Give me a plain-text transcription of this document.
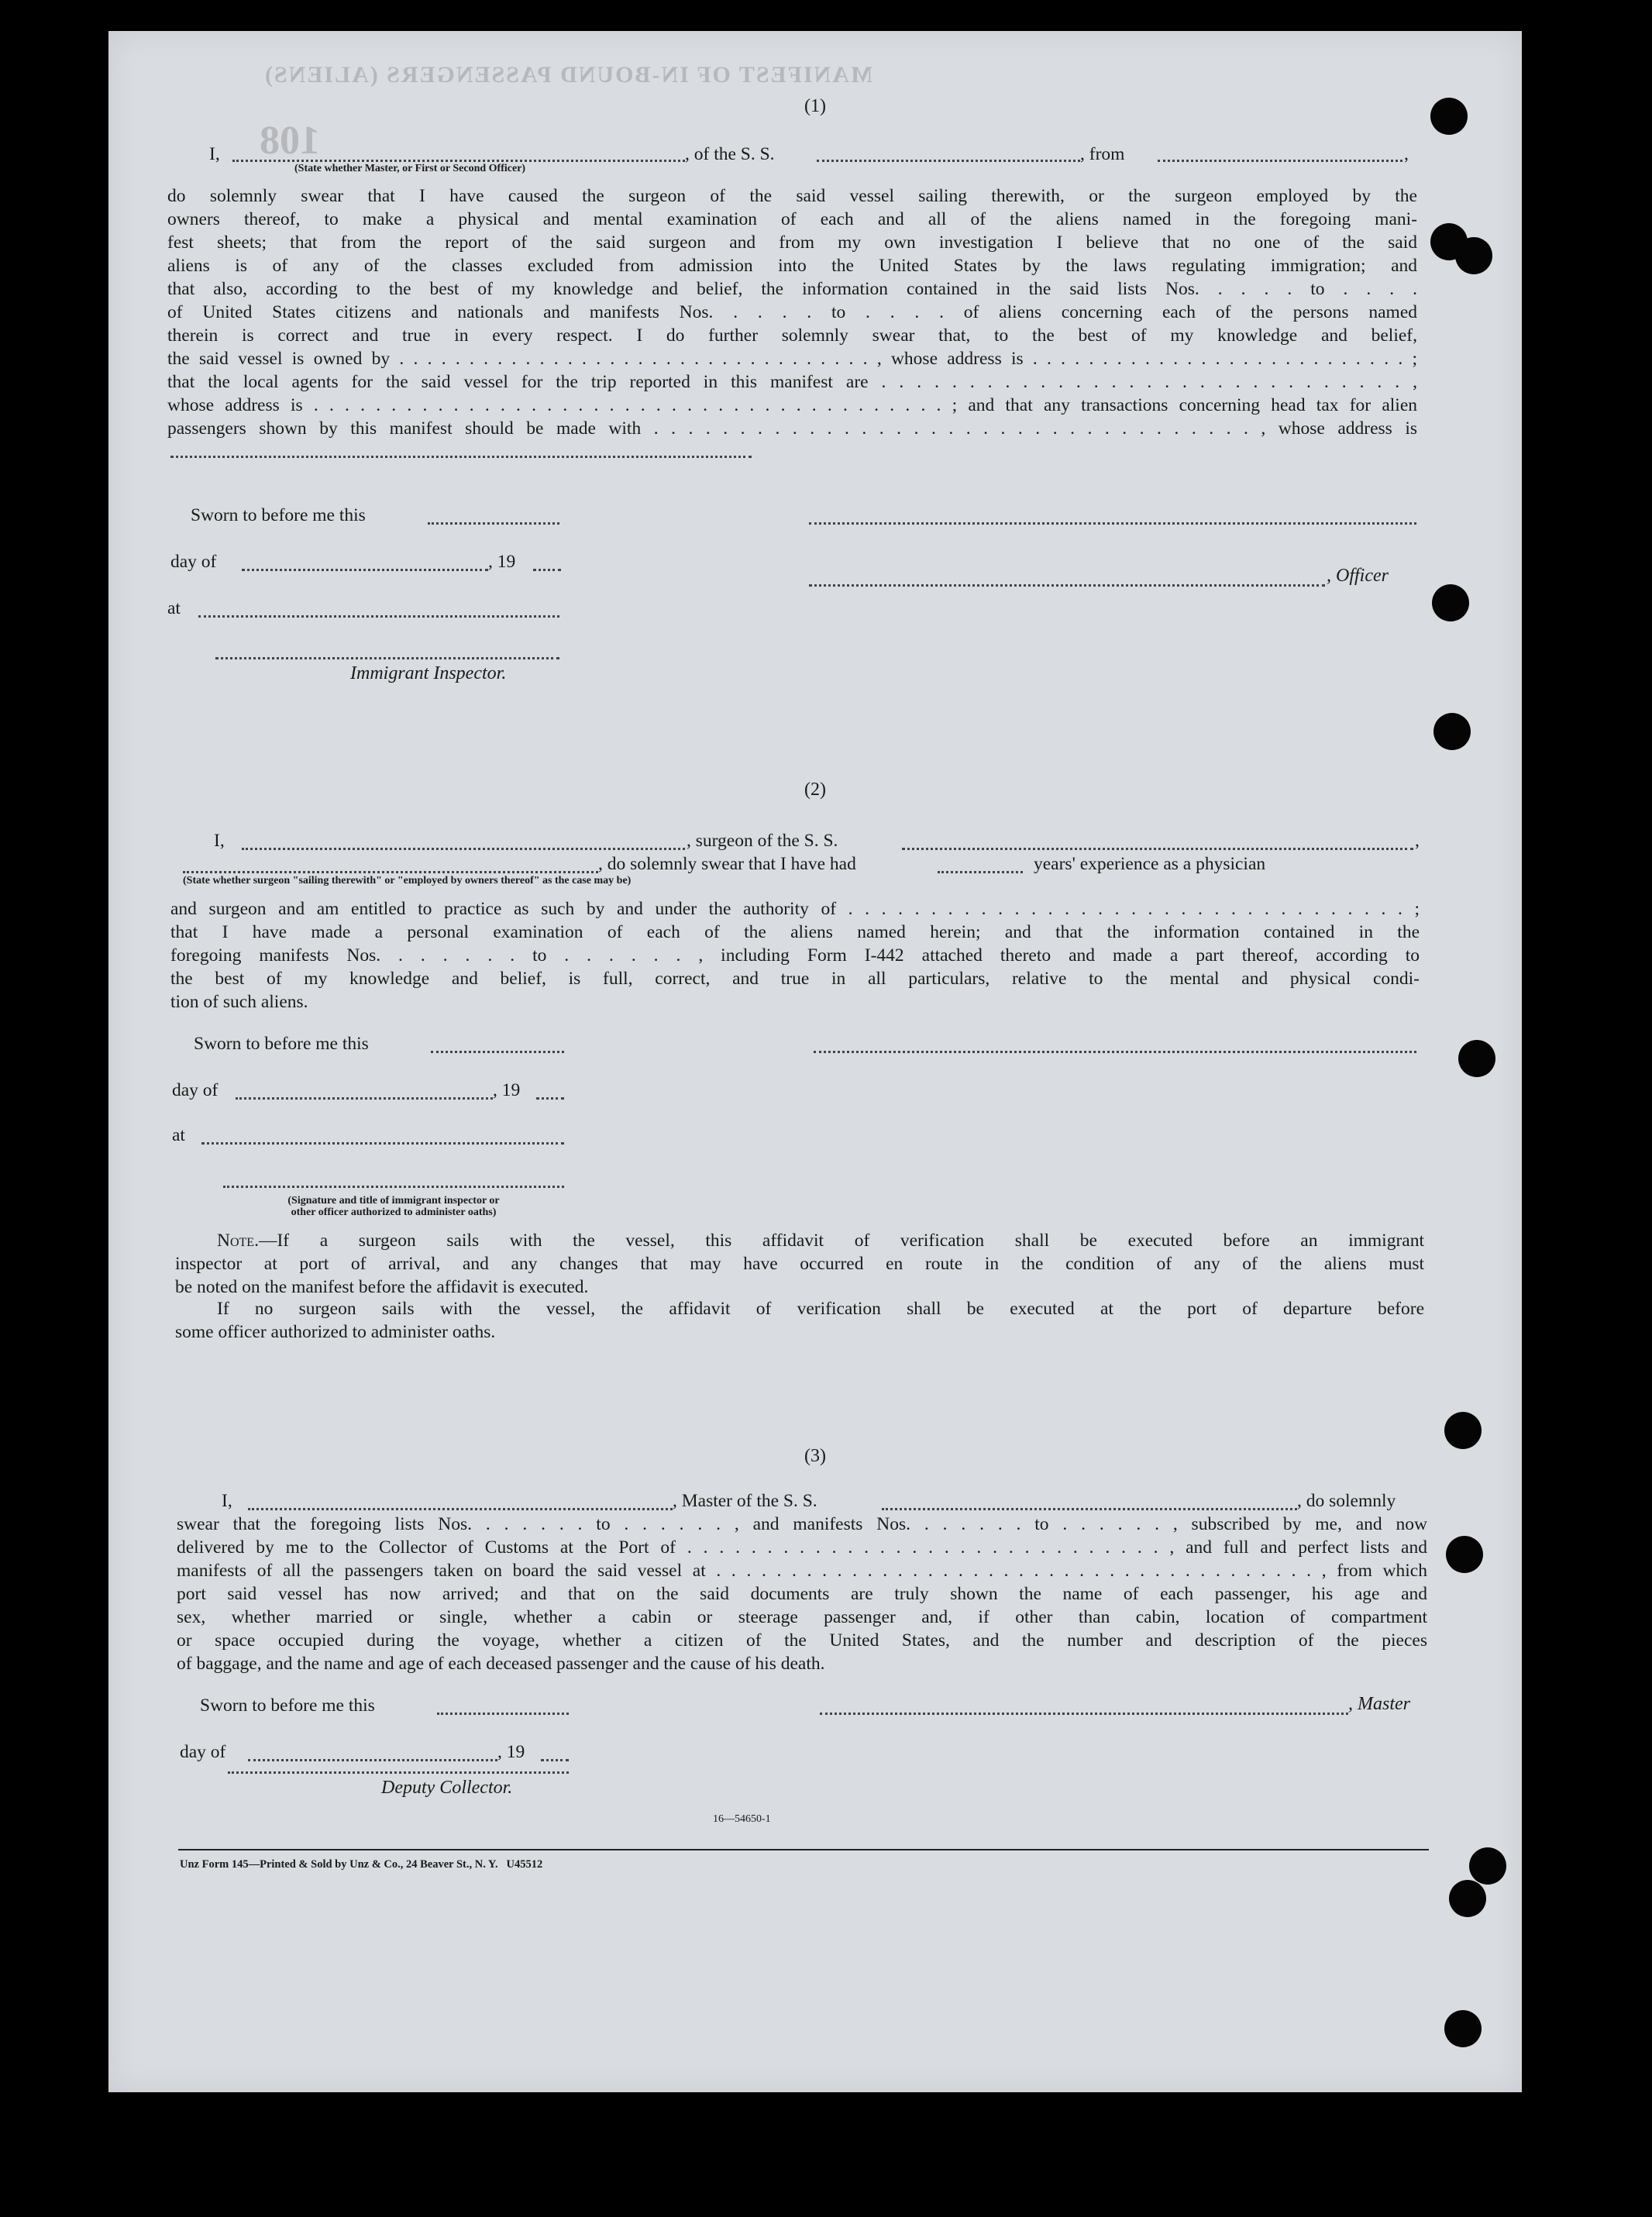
MANIFEST OF IN-BOUND PASSENGERS (ALIENS)
108
(1)
I,	, of the S. S.	, from	,
(State whether Master, or First or Second Officer)
do solemnly swear that I have caused the surgeon of the said vessel sailing therewith, or the surgeon employed by the
owners thereof, to make a physical and mental examination of each and all of the aliens named in the foregoing mani-
fest sheets; that from the report of the said surgeon and from my own investigation I believe that no one of the said
aliens is of any of the classes excluded from admission into the United States by the laws regulating immigration; and
that also, according to the best of my knowledge and belief, the information contained in the said lists Nos. . . . . to . . . .
of United States citizens and nationals and manifests Nos. . . . . to . . . . of aliens concerning each of the persons named
therein is correct and true in every respect. I do further solemnly swear that, to the best of my knowledge and belief,
the said vessel is owned by . . . . . . . . . . . . . . . . . . . . . . . . . . . . . . . . . . , whose address is . . . . . . . . . . . . . . . . . . . . . . . . . . . ;
that the local agents for the said vessel for the trip reported in this manifest are . . . . . . . . . . . . . . . . . . . . . . . . . . . . . . ,
whose address is . . . . . . . . . . . . . . . . . . . . . . . . . . . . . . . . . . . . . . . . . ; and that any transactions concerning head tax for alien
passengers shown by this manifest should be made with . . . . . . . . . . . . . . . . . . . . . . . . . . . . . . . . . . . , whose address is
Sworn to before me this
day of	, 19
, Officer
at
Immigrant Inspector.
(2)
I,	, surgeon of the S. S.	,
, do solemnly swear that I have had	years' experience as a physician
(State whether surgeon "sailing therewith" or "employed by owners thereof" as the case may be)
and surgeon and am entitled to practice as such by and under the authority of . . . . . . . . . . . . . . . . . . . . . . . . . . . . . . . . . . ;
that I have made a personal examination of each of the aliens named herein; and that the information contained in the
foregoing manifests Nos. . . . . . . to . . . . . . , including Form I-442 attached thereto and made a part thereof, according to
the best of my knowledge and belief, is full, correct, and true in all particulars, relative to the mental and physical condi-
tion of such aliens.
Sworn to before me this
day of	, 19
at
(Signature and title of immigrant inspector or
other officer authorized to administer oaths)
Note.—If a surgeon sails with the vessel, this affidavit of verification shall be executed before an immigrant
inspector at port of arrival, and any changes that may have occurred en route in the condition of any of the aliens must
be noted on the manifest before the affidavit is executed.
If no surgeon sails with the vessel, the affidavit of verification shall be executed at the port of departure before
some officer authorized to administer oaths.
(3)
I,	, Master of the S. S.	, do solemnly
swear that the foregoing lists Nos. . . . . . . to . . . . . . , and manifests Nos. . . . . . . to . . . . . . , subscribed by me, and now
delivered by me to the Collector of Customs at the Port of . . . . . . . . . . . . . . . . . . . . . . . . . . . . . . , and full and perfect lists and
manifests of all the passengers taken on board the said vessel at . . . . . . . . . . . . . . . . . . . . . . . . . . . . . . . . . . . . . . . . , from which
port said vessel has now arrived; and that on the said documents are truly shown the name of each passenger, his age and
sex, whether married or single, whether a cabin or steerage passenger and, if other than cabin, location of compartment
or space occupied during the voyage, whether a citizen of the United States, and the number and description of the pieces
of baggage, and the name and age of each deceased passenger and the cause of his death.
Sworn to before me this	, Master
day of	, 19
Deputy Collector.
16—54650-1
Unz Form 145—Printed & Sold by Unz & Co., 24 Beaver St., N. Y.   U45512
